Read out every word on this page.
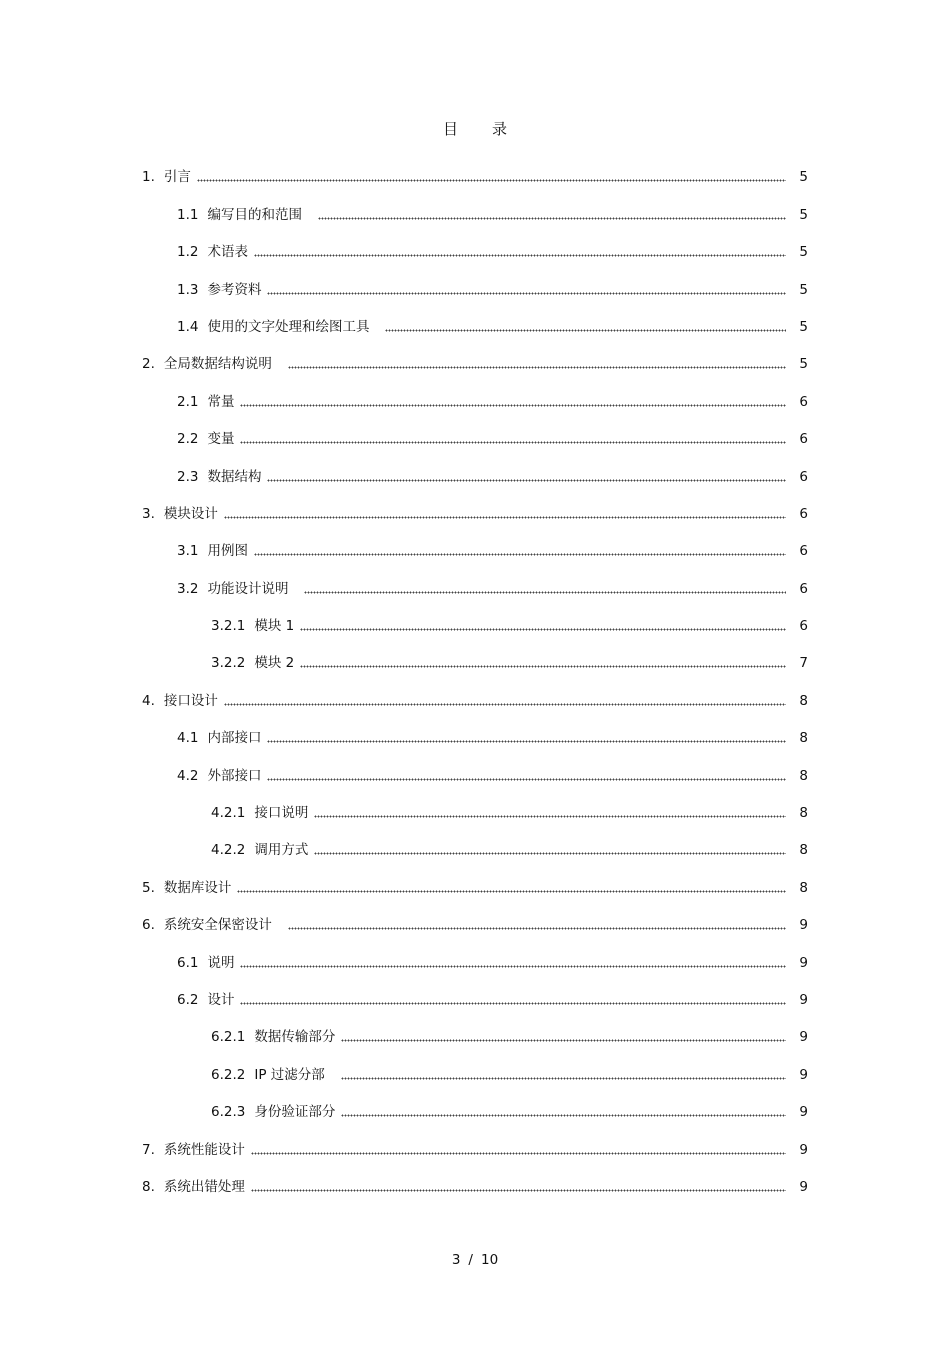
目录
1. 引言	5
1.1 编写目的和范围	5
1.2 术语表	5
1.3 参考资料	5
1.4 使用的文字处理和绘图工具	5
2. 全局数据结构说明	5
2.1 常量	6
2.2 变量	6
2.3 数据结构	6
3. 模块设计	6
3.1 用例图	6
3.2 功能设计说明	6
3.2.1 模块 1	6
3.2.2 模块 2	7
4. 接口设计	8
4.1 内部接口	8
4.2 外部接口	8
4.2.1 接口说明	8
4.2.2 调用方式	8
5. 数据库设计	8
6. 系统安全保密设计	9
6.1 说明	9
6.2 设计	9
6.2.1 数据传输部分	9
6.2.2 IP 过滤分部	9
6.2.3 身份验证部分	9
7. 系统性能设计	9
8. 系统出错处理	9
3 / 10
